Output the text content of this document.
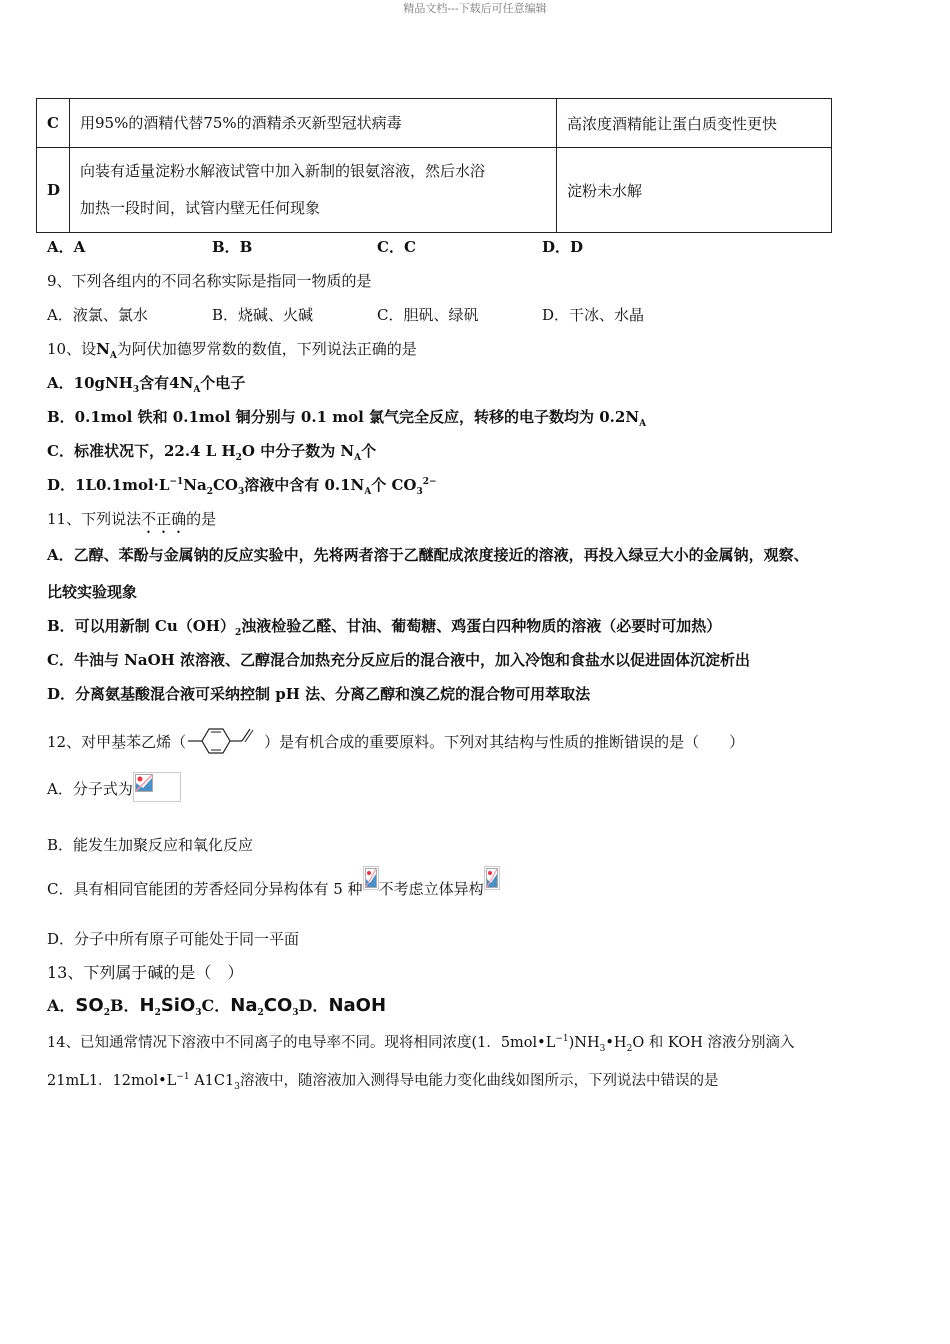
精品文档---下载后可任意编辑
C	用95%的酒精代替75%的酒精杀灭新型冠状病毒	高浓度酒精能让蛋白质变性更快
D	向装有适量淀粉水解液试管中加入新制的银氨溶液，然后水浴
加热一段时间，试管内壁无任何现象	淀粉未水解
A．A	B．B	C．C	D．D
9、下列各组内的不同名称实际是指同一物质的是
A．液氯、氯水	B．烧碱、火碱	C．胆矾、绿矾	D．干冰、水晶
10、设$N_A$为阿伏加德罗常数的数值，下列说法正确的是
A．10gNH$_3$含有$4N_A$个电子
B．0.1mol 铁和 0.1mol 铜分别与 0.1 mol 氯气完全反应，转移的电子数均为 $0.2N_A$
C．标准状况下，22.4 L $H_2O$ 中分子数为 $N_A$个
D．$1L0.1mol\cdot L^{-1}Na_2CO_3$溶液中含有 $0.1N_A$个 $CO_3^{2-}$
11、下列说法不正确的是
A．乙醇、苯酚与金属钠的反应实验中，先将两者溶于乙醚配成浓度接近的溶液，再投入绿豆大小的金属钠，观察、
比较实验现象
B．可以用新制 $Cu(OH)_2$浊液检验乙醛、甘油、葡萄糖、鸡蛋白四种物质的溶液（必要时可加热）
C．牛油与 NaOH 浓溶液、乙醇混合加热充分反应后的混合液中，加入冷饱和食盐水以促进固体沉淀析出
D．分离氨基酸混合液可采纳控制 pH 法、分离乙醇和溴乙烷的混合物可用萃取法
12、对甲基苯乙烯（	）是有机合成的重要原料。下列对其结构与性质的推断错误的是（　　）
A．分子式为
B．能发生加聚反应和氧化反应
C．具有相同官能团的芳香烃同分异构体有 5 种 不考虑立体异构
D．分子中所有原子可能处于同一平面
13、下列属于碱的是（　）
A．$SO_2B$．$H_2SiO_3C$．$Na_2CO_3D$．NaOH
14、已知通常情况下溶液中不同离子的电导率不同。现将相同浓度(1．$5mol•L^{-1})NH_3•H_2O$ 和 KOH 溶液分别滴入
21mL1．$12mol•L^{-1}$ $A1C1_3$溶液中，随溶液加入测得导电能力变化曲线如图所示，下列说法中错误的是
